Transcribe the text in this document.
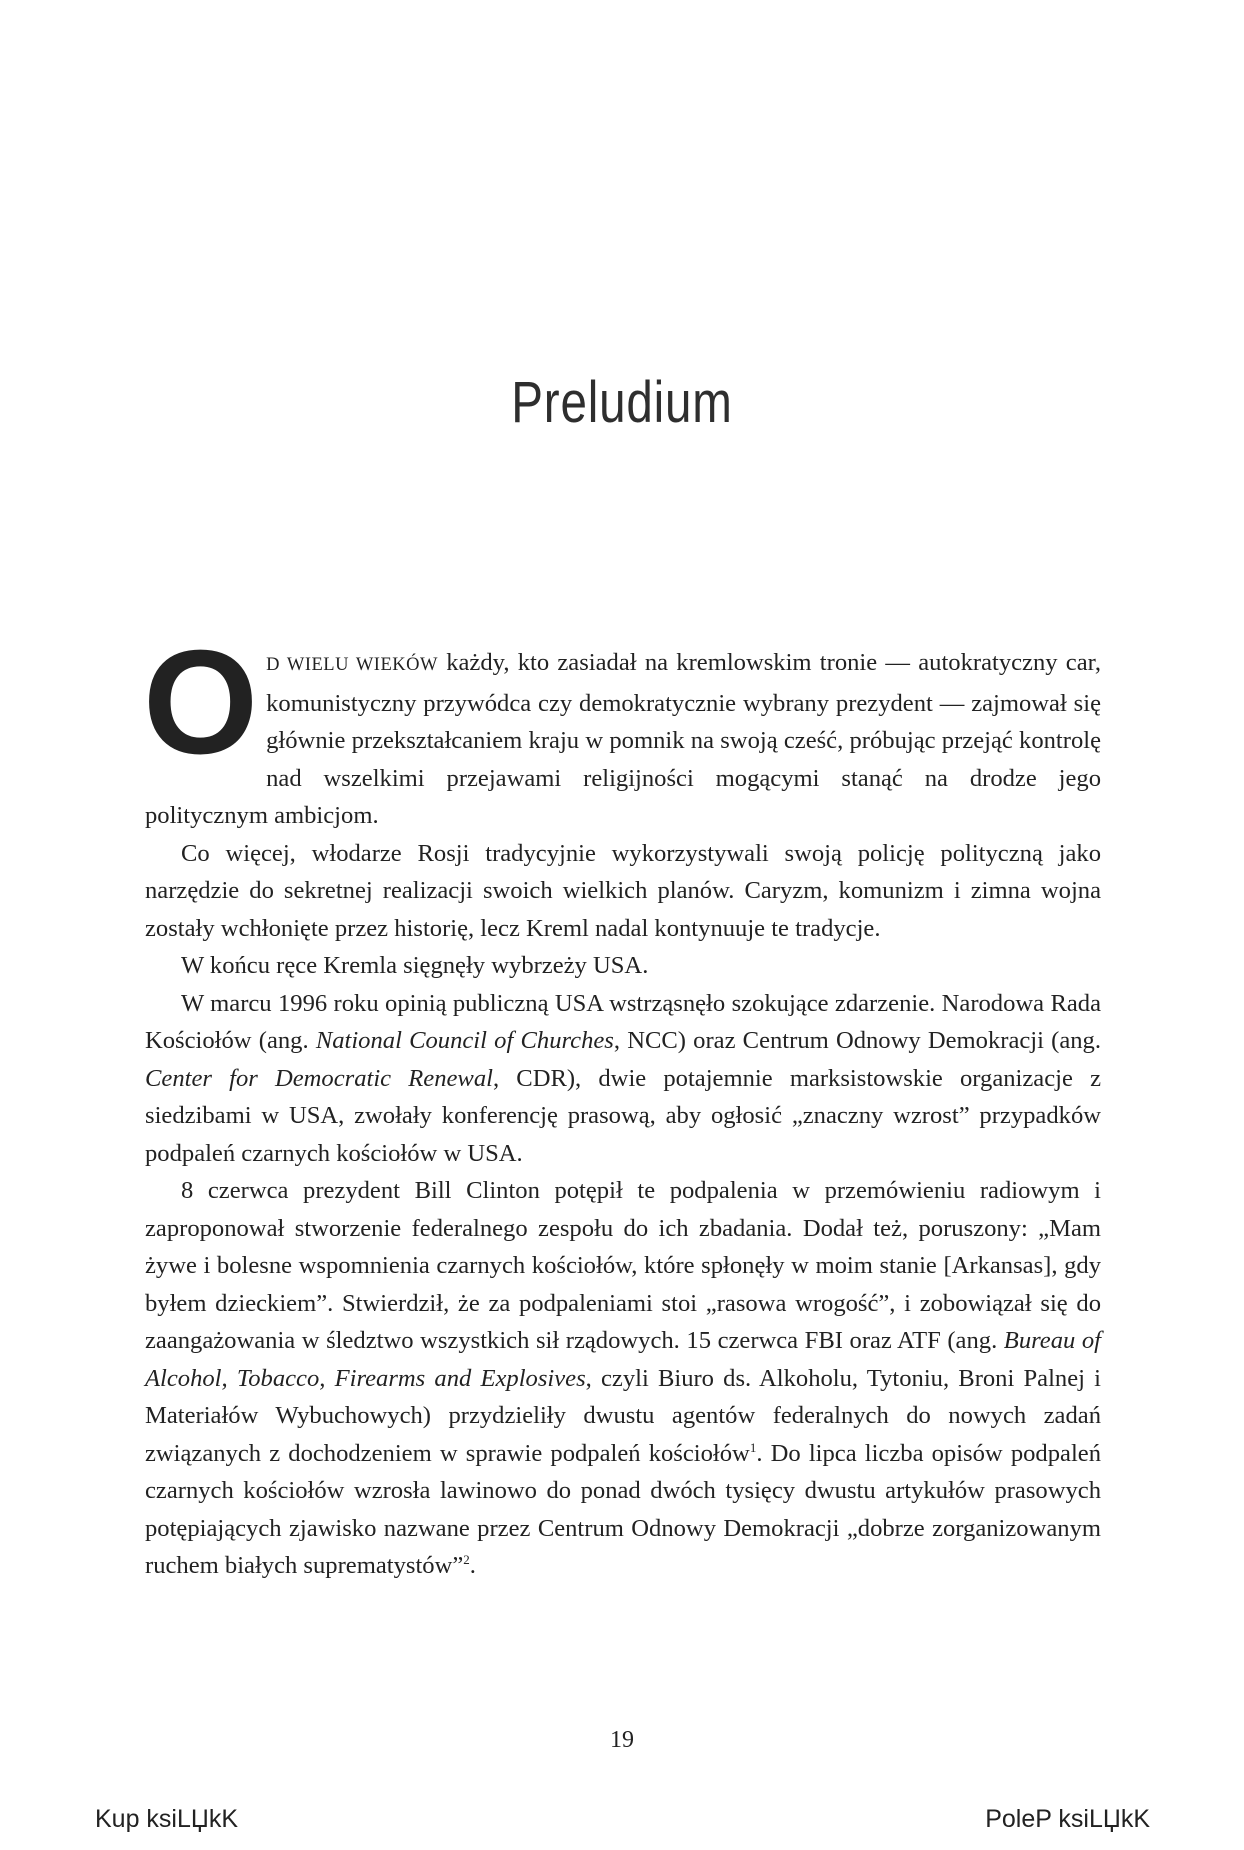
Preludium

O D WIELU WIEKÓW każdy, kto zasiadał na kremlowskim tronie — autokratyczny car, komunistyczny przywódca czy demokratycznie wybrany prezydent — zajmował się głównie przekształcaniem kraju w pomnik na swoją cześć, próbując przejąć kontrolę nad wszelkimi przejawami religijności mogącymi stanąć na drodze jego politycznym ambicjom.

Co więcej, włodarze Rosji tradycyjnie wykorzystywali swoją policję polityczną jako narzędzie do sekretnej realizacji swoich wielkich planów. Caryzm, komunizm i zimna wojna zostały wchłonięte przez historię, lecz Kreml nadal kontynuuje te tradycje.

W końcu ręce Kremla sięgnęły wybrzeży USA.

W marcu 1996 roku opinią publiczną USA wstrząsnęło szokujące zdarzenie. Narodowa Rada Kościołów (ang. National Council of Churches, NCC) oraz Centrum Odnowy Demokracji (ang. Center for Democratic Renewal, CDR), dwie potajemnie marksistowskie organizacje z siedzibami w USA, zwołały konferencję prasową, aby ogłosić „znaczny wzrost” przypadków podpaleń czarnych kościołów w USA.

8 czerwca prezydent Bill Clinton potępił te podpalenia w przemówieniu radiowym i zaproponował stworzenie federalnego zespołu do ich zbadania. Dodał też, poruszony: „Mam żywe i bolesne wspomnienia czarnych kościołów, które spłonęły w moim stanie [Arkansas], gdy byłem dzieckiem”. Stwierdził, że za podpaleniami stoi „rasowa wrogość”, i zobowiązał się do zaangażowania w śledztwo wszystkich sił rządowych. 15 czerwca FBI oraz ATF (ang. Bureau of Alcohol, Tobacco, Firearms and Explosives, czyli Biuro ds. Alkoholu, Tytoniu, Broni Palnej i Materiałów Wybuchowych) przydzieliły dwustu agentów federalnych do nowych zadań związanych z dochodzeniem w sprawie podpaleń kościołów$^1$. Do lipca liczba opisów podpaleń czarnych kościołów wzrosła lawinowo do ponad dwóch tysięcy dwustu artykułów prasowych potępiających zjawisko nazwane przez Centrum Odnowy Demokracji „dobrze zorganizowanym ruchem białych suprematystów”$^2$.

19
Kup ksiLЏkK	PoleP ksiLЏkK
